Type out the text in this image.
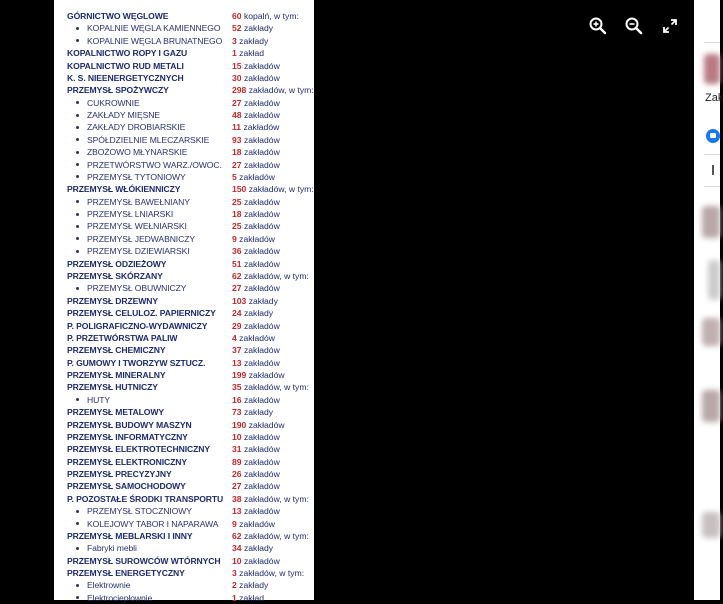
GÓRNICTWO WĘGLOWE	60 kopalń, w tym:
KOPALNIE WĘGLA KAMIENNEGO 52 zakłady
KOPALNIE WĘGLA BRUNATNEGO 3 zakłady
KOPALNICTWO ROPY I GAZU	1 zakład
KOPALNICTWO RUD METALI	15 zakładów
K. S. NIEENERGETYCZNYCH	30 zakładów
PRZEMYSŁ SPOŻYWCZY	298 zakładów, w tym:
CUKROWNIE	27 zakładów
ZAKŁADY MIĘSNE	48 zakładów
ZAKŁADY DROBIARSKIE	11 zakładów
SPÓŁDZIELNIE MLECZARSKIE	93 zakładów
ZBOŻOWO MŁYNARSKIE	18 zakładów
PRZETWÓRSTWO WARZ./OWOC. 27 zakładów
PRZEMYSŁ TYTONIOWY	5 zakładów
PRZEMYSŁ WŁÓKIENNICZY	150 zakładów, w tym:
PRZEMYSŁ BAWEŁNIANY	25 zakładów
PRZEMYSŁ LNIARSKI	18 zakładów
PRZEMYSŁ WEŁNIARSKI	25 zakładów
PRZEMYSŁ JEDWABNICZY	9 zakładów
PRZEMYSŁ DZIEWIARSKI	36 zakładów
PRZEMYSŁ ODZIEŻOWY	51 zakładów
PRZEMYSŁ SKÓRZANY	62 zakładów, w tym:
PRZEMYSŁ OBUWNICZY	27 zakładów
PRZEMYSŁ DRZEWNY	103 zakłady
PRZEMYSŁ CELULOZ. PAPIERNICZY 24 zakłady
P. POLIGRAFICZNO-WYDAWNICZY	29 zakładów
P. PRZETWÓRSTWA PALIW	4 zakładów
PRZEMYSŁ CHEMICZNY	37 zakładów
P. GUMOWY I TWORZYW SZTUCZ.	13 zakładów
PRZEMYSŁ MINERALNY	199 zakładów
PRZEMYSŁ HUTNICZY	35 zakładów, w tym:
HUTY	16 zakładów
PRZEMYSŁ METALOWY	73 zakłady
PRZEMYSŁ BUDOWY MASZYN	190 zakładów
PRZEMYSŁ INFORMATYCZNY	10 zakładów
PRZEMYSŁ ELEKTROTECHNICZNY	31 zakładów
PRZEMYSŁ ELEKTRONICZNY	89 zakładów
PRZEMYSŁ PRECYZYJNY	26 zakładów
PRZEMYSŁ SAMOCHODOWY	27 zakładów
P. POZOSTAŁE ŚRODKI TRANSPORTU 38 zakładów, w tym:
PRZEMYSŁ STOCZNIOWY	13 zakładów
KOLEJOWY TABOR I NAPARAWA 9 zakładów
PRZEMYSŁ MEBLARSKI I INNY	62 zakładów, w tym:
Fabryki mebli	34 zakłady
PRZEMYSŁ SUROWCÓW WTÓRNYCH 10 zakładów
PRZEMYSŁ ENERGETYCZNY	3 zakładów, w tym:
Elektrownie	2 zakłady
Elektrociepłownie	1 zakład
Zak
